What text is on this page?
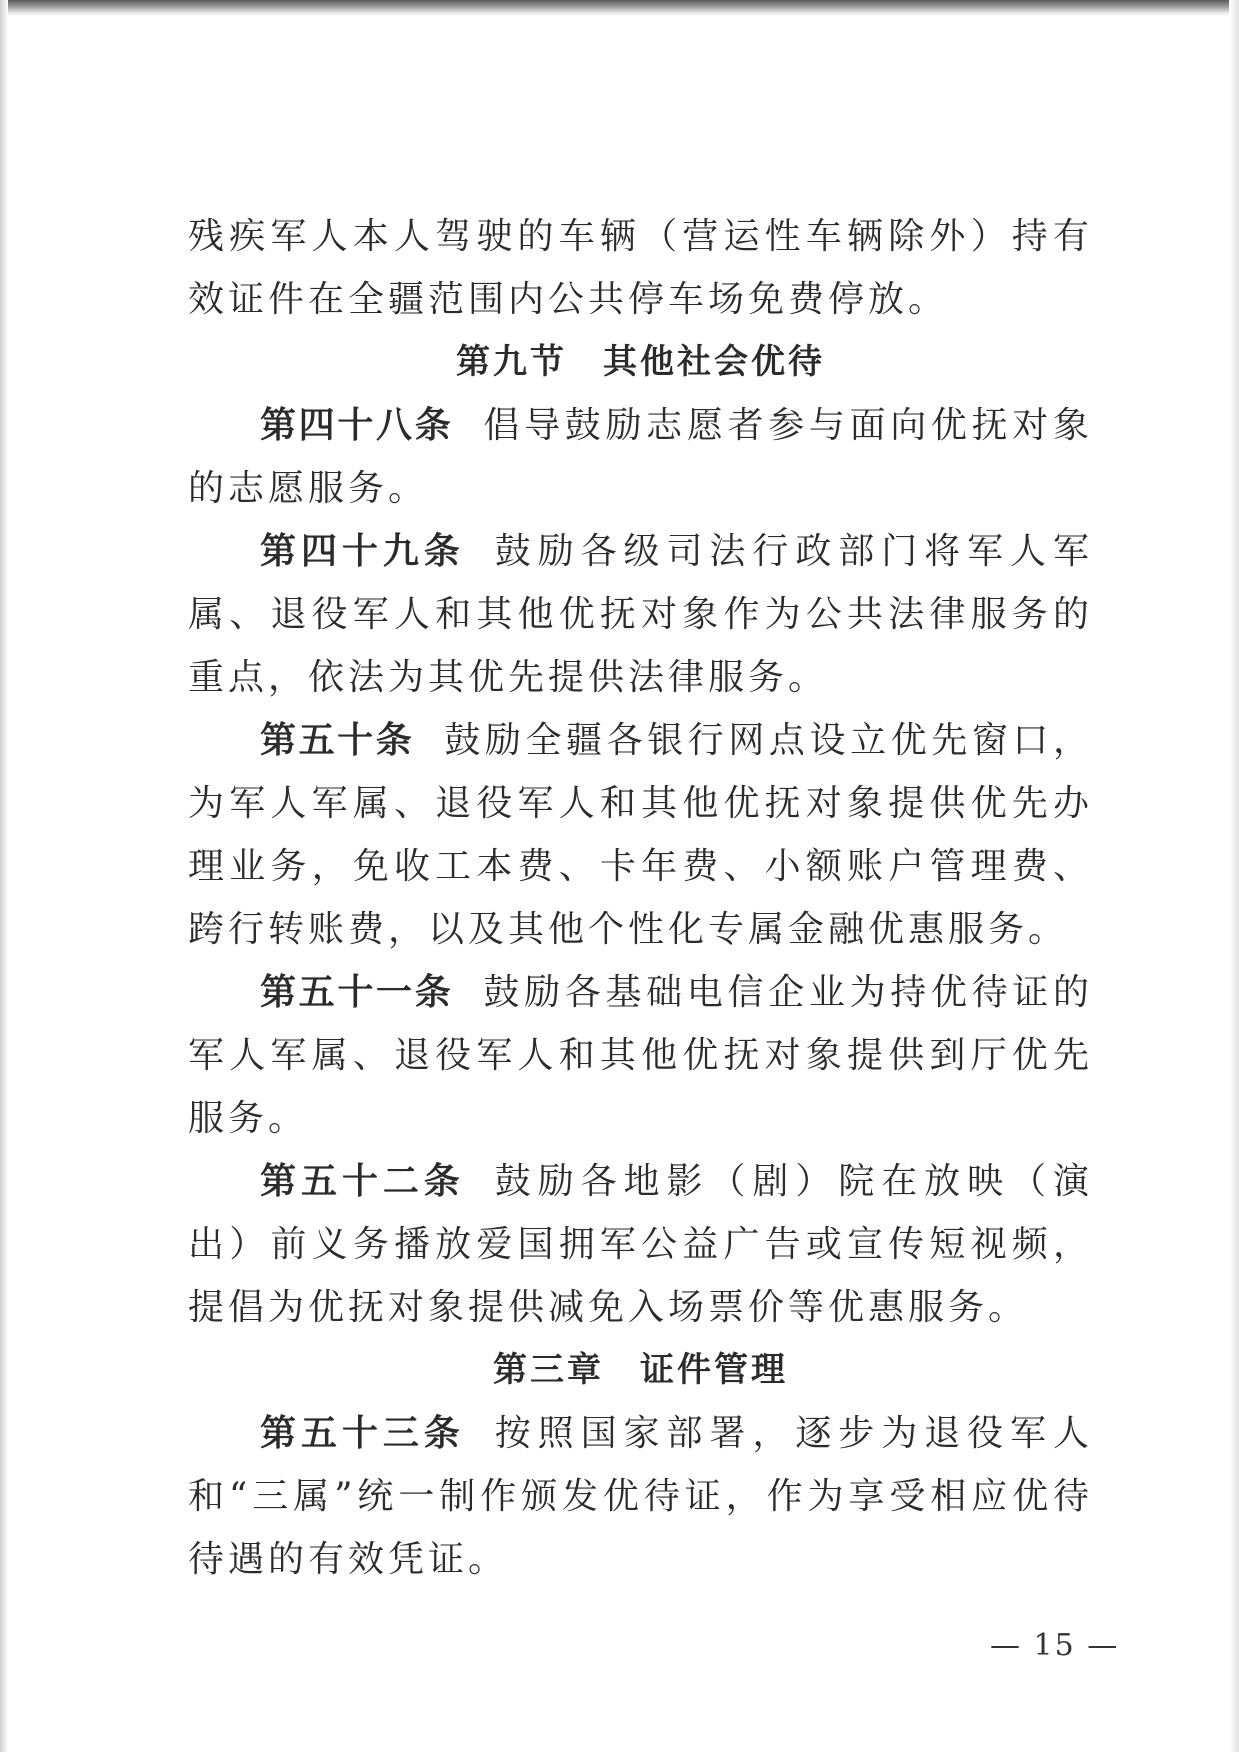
残疾军人本人驾驶的车辆（营运性车辆除外）持有效证件在全疆范围内公共停车场免费停放。

第九节 其他社会优待

第四十八条 倡导鼓励志愿者参与面向优抚对象的志愿服务。

第四十九条 鼓励各级司法行政部门将军人军属、退役军人和其他优抚对象作为公共法律服务的重点，依法为其优先提供法律服务。

第五十条 鼓励全疆各银行网点设立优先窗口，为军人军属、退役军人和其他优抚对象提供优先办理业务，免收工本费、卡年费、小额账户管理费、跨行转账费，以及其他个性化专属金融优惠服务。

第五十一条 鼓励各基础电信企业为持优待证的军人军属、退役军人和其他优抚对象提供到厅优先服务。

第五十二条 鼓励各地影（剧）院在放映（演出）前义务播放爱国拥军公益广告或宣传短视频，提倡为优抚对象提供减免入场票价等优惠服务。

第三章 证件管理

第五十三条 按照国家部署，逐步为退役军人和“三属”统一制作颁发优待证，作为享受相应优待待遇的有效凭证。

— 15 —
